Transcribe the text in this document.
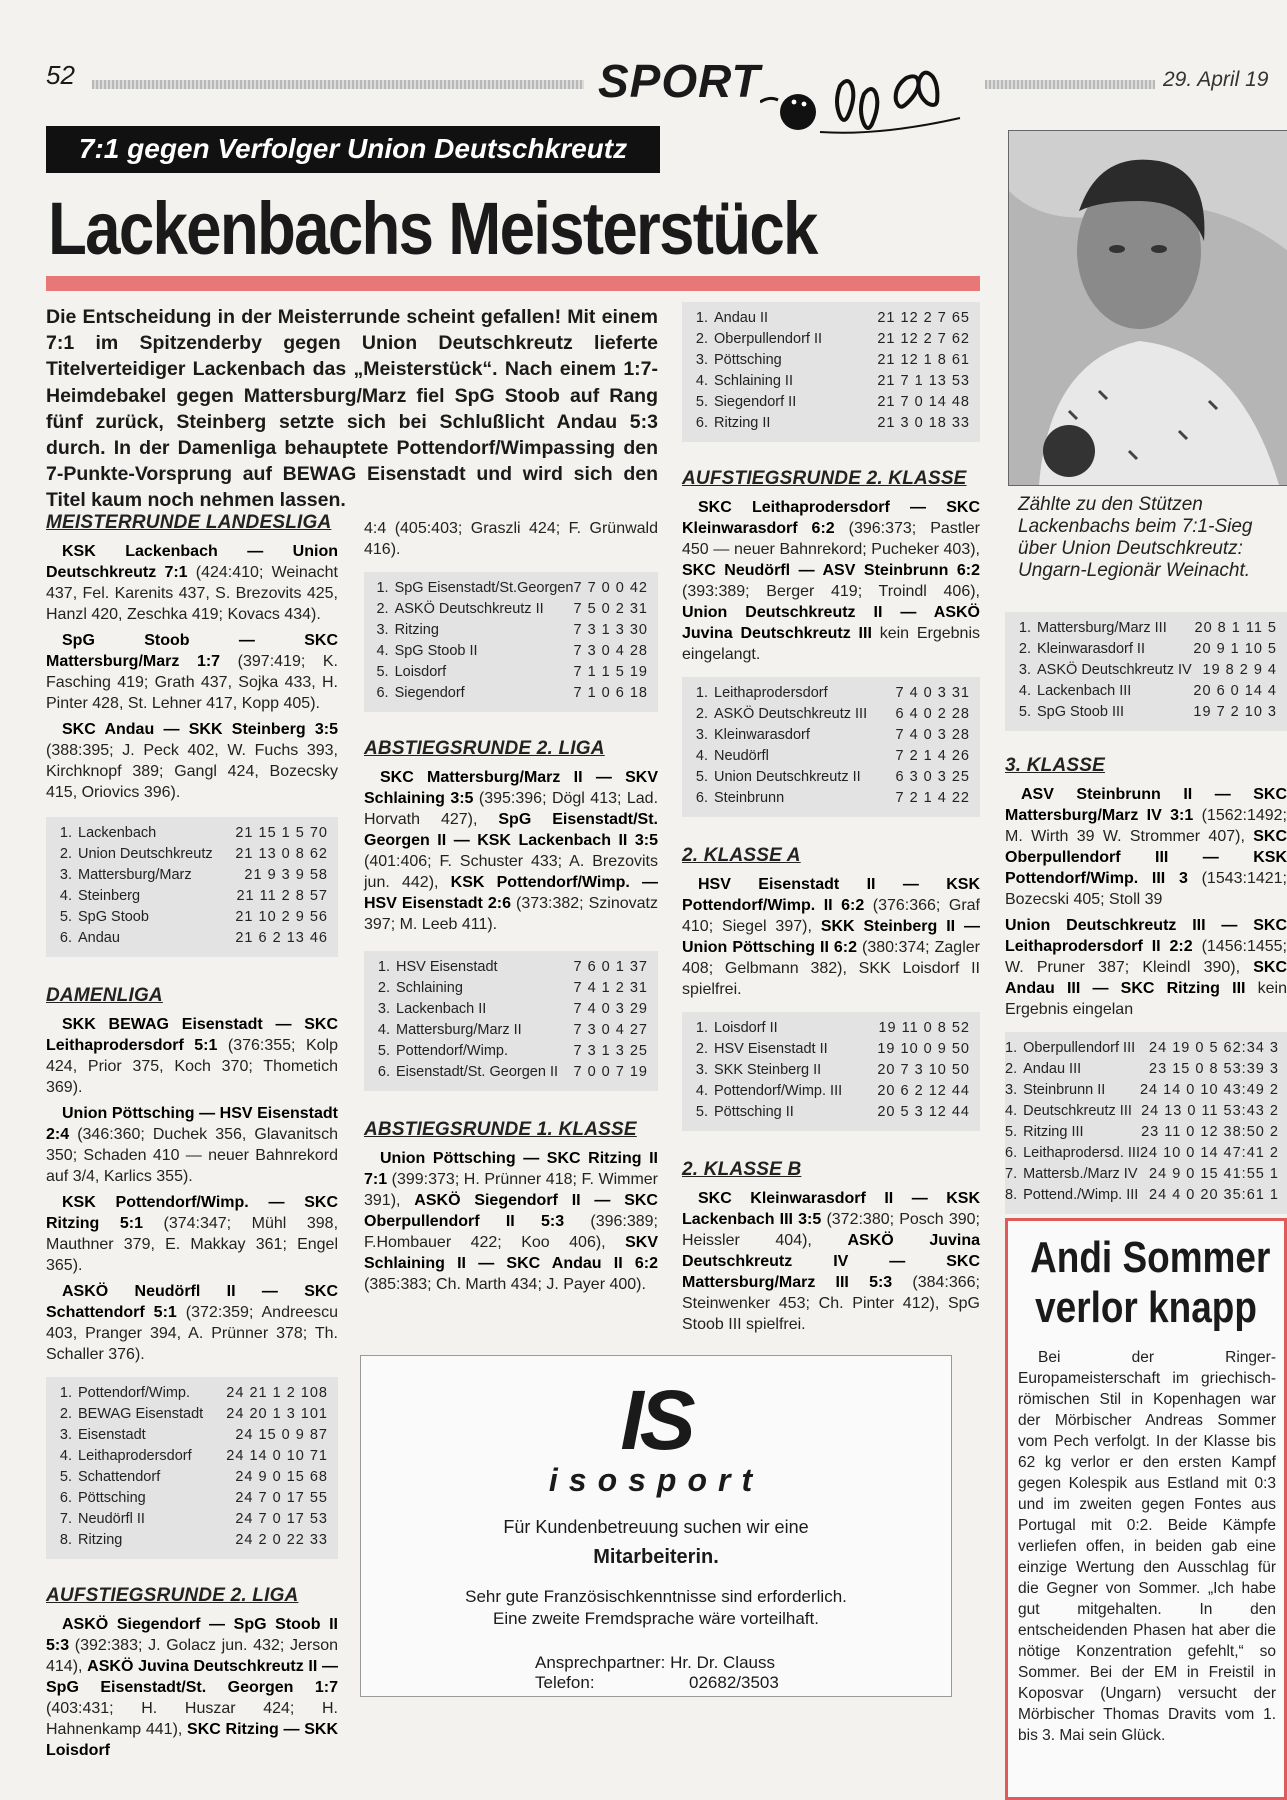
52	SPORT	29. April 19
7:1 gegen Verfolger Union Deutschkreutz
Lackenbachs Meisterstück
Die Entscheidung in der Meisterrunde scheint gefallen! Mit einem 7:1 im Spitzenderby gegen Union Deutschkreutz lieferte Titelverteidiger Lackenbach das „Meisterstück“. Nach einem 1:7-Heimdebakel gegen Mattersburg/Marz fiel SpG Stoob auf Rang fünf zurück, Steinberg setzte sich bei Schlußlicht Andau 5:3 durch. In der Damenliga behauptete Pottendorf/Wimpassing den 7-Punkte-Vorsprung auf BEWAG Eisenstadt und wird sich den Titel kaum noch nehmen lassen.
MEISTERRUNDE LANDESLIGA

KSK Lackenbach — Union Deutschkreutz 7:1 (424:410; Weinacht 437, Fel. Karenits 437, S. Brezovits 425, Hanzl 420, Zeschka 419; Kovacs 434).

SpG Stoob — SKC Mattersburg/Marz 1:7 (397:419; K. Fasching 419; Grath 437, Sojka 433, H. Pinter 428, St. Lehner 417, Kopp 405).

SKC Andau — SKK Steinberg 3:5 (388:395; J. Peck 402, W. Fuchs 393, Kirchknopf 389; Gangl 424, Bozecsky 415, Oriovics 396).

1.	Lackenbach	21 15 1 5 70
2.	Union Deutschkreutz	21 13 0 8 62
3.	Mattersburg/Marz	21 9 3 9 58
4.	Steinberg	21 11 2 8 57
5.	SpG Stoob	21 10 2 9 56
6.	Andau	21 6 2 13 46
DAMENLIGA

SKK BEWAG Eisenstadt — SKC Leithaprodersdorf 5:1 (376:355; Kolp 424, Prior 375, Koch 370; Thometich 369).

Union Pöttsching — HSV Eisenstadt 2:4 (346:360; Duchek 356, Glavanitsch 350; Schaden 410 — neuer Bahnrekord auf 3/4, Karlics 355).

KSK Pottendorf/Wimp. — SKC Ritzing 5:1 (374:347; Mühl 398, Mauthner 379, E. Makkay 361; Engel 365).

ASKÖ Neudörfl II — SKC Schattendorf 5:1 (372:359; Andreescu 403, Pranger 394, A. Prünner 378; Th. Schaller 376).

1.	Pottendorf/Wimp.	24 21 1 2 108
2.	BEWAG Eisenstadt	24 20 1 3 101
3.	Eisenstadt	24 15 0 9 87
4.	Leithaprodersdorf	24 14 0 10 71
5.	Schattendorf	24 9 0 15 68
6.	Pöttsching	24 7 0 17 55
7.	Neudörfl II	24 7 0 17 53
8.	Ritzing	24 2 0 22 33
AUFSTIEGSRUNDE 2. LIGA

ASKÖ Siegendorf — SpG Stoob II 5:3 (392:383; J. Golacz jun. 432; Jerson 414), ASKÖ Juvina Deutschkreutz II — SpG Eisenstadt/St. Georgen 1:7 (403:431; H. Huszar 424; H. Hahnenkamp 441), SKC Ritzing — SKK Loisdorf

4:4 (405:403; Graszli 424; F. Grünwald 416).

1.	SpG Eisenstadt/St.Georgen	7 7 0 0 42
2.	ASKÖ Deutschkreutz II	7 5 0 2 31
3.	Ritzing	7 3 1 3 30
4.	SpG Stoob II	7 3 0 4 28
5.	Loisdorf	7 1 1 5 19
6.	Siegendorf	7 1 0 6 18
ABSTIEGSRUNDE 2. LIGA

SKC Mattersburg/Marz II — SKV Schlaining 3:5 (395:396; Dögl 413; Lad. Horvath 427), SpG Eisenstadt/St. Georgen II — KSK Lackenbach II 3:5 (401:406; F. Schuster 433; A. Brezovits jun. 442), KSK Pottendorf/Wimp. — HSV Eisenstadt 2:6 (373:382; Szinovatz 397; M. Leeb 411).

1.	HSV Eisenstadt	7 6 0 1 37
2.	Schlaining	7 4 1 2 31
3.	Lackenbach II	7 4 0 3 29
4.	Mattersburg/Marz II	7 3 0 4 27
5.	Pottendorf/Wimp.	7 3 1 3 25
6.	Eisenstadt/St. Georgen II	7 0 0 7 19
ABSTIEGSRUNDE 1. KLASSE

Union Pöttsching — SKC Ritzing II 7:1 (399:373; H. Prünner 418; F. Wimmer 391), ASKÖ Siegendorf II — SKC Oberpullendorf II 5:3 (396:389; F.Hombauer 422; Koo 406), SKV Schlaining II — SKC Andau II 6:2 (385:383; Ch. Marth 434; J. Payer 400).

1.	Andau II	21 12 2 7 65
2.	Oberpullendorf II	21 12 2 7 62
3.	Pöttsching	21 12 1 8 61
4.	Schlaining II	21 7 1 13 53
5.	Siegendorf II	21 7 0 14 48
6.	Ritzing II	21 3 0 18 33
AUFSTIEGSRUNDE 2. KLASSE

SKC Leithaprodersdorf — SKC Kleinwarasdorf 6:2 (396:373; Pastler 450 — neuer Bahnrekord; Pucheker 403), SKC Neudörfl — ASV Steinbrunn 6:2 (393:389; Berger 419; Troindl 406), Union Deutschkreutz II — ASKÖ Juvina Deutschkreutz III kein Ergebnis eingelangt.

1.	Leithaprodersdorf	7 4 0 3 31
2.	ASKÖ Deutschkreutz III	6 4 0 2 28
3.	Kleinwarasdorf	7 4 0 3 28
4.	Neudörfl	7 2 1 4 26
5.	Union Deutschkreutz II	6 3 0 3 25
6.	Steinbrunn	7 2 1 4 22
2. KLASSE A

HSV Eisenstadt II — KSK Pottendorf/Wimp. II 6:2 (376:366; Graf 410; Siegel 397), SKK Steinberg II — Union Pöttsching II 6:2 (380:374; Zagler 408; Gelbmann 382), SKK Loisdorf II spielfrei.

1.	Loisdorf II	19 11 0 8 52
2.	HSV Eisenstadt II	19 10 0 9 50
3.	SKK Steinberg II	20 7 3 10 50
4.	Pottendorf/Wimp. III	20 6 2 12 44
5.	Pöttsching II	20 5 3 12 44
2. KLASSE B

SKC Kleinwarasdorf II — KSK Lackenbach III 3:5 (372:380; Posch 390; Heissler 404), ASKÖ Juvina Deutschkreutz IV — SKC Mattersburg/Marz III 5:3 (384:366; Steinwenker 453; Ch. Pinter 412), SpG Stoob III spielfrei.

Zählte zu den Stützen Lackenbachs beim 7:1-Sieg über Union Deutschkreutz: Ungarn-Legionär Weinacht.
1.	Mattersburg/Marz III	20 8 1 11 5
2.	Kleinwarasdorf II	20 9 1 10 5
3.	ASKÖ Deutschkreutz IV	19 8 2 9 4
4.	Lackenbach III	20 6 0 14 4
5.	SpG Stoob III	19 7 2 10 3
3. KLASSE

ASV Steinbrunn II — SKC Mattersburg/Marz IV 3:1 (1562:1492; M. Wirth 39 W. Strommer 407), SKC Oberpullendorf III — KSK Pottendorf/Wimp. III 3 (1543:1421; Bozecski 405; Stoll 39

Union Deutschkreutz III — SKC Leithaprodersdorf II 2:2 (1456:1455; W. Pruner 387; Kleindl 390), SKC Andau III — SKC Ritzing III kein Ergebnis eingelan

1.	Oberpullendorf III	24 19 0 5 62:34 3
2.	Andau III	23 15 0 8 53:39 3
3.	Steinbrunn II	24 14 0 10 43:49 2
4.	Deutschkreutz III	24 13 0 11 53:43 2
5.	Ritzing III	23 11 0 12 38:50 2
6.	Leithaprodersd. III	24 10 0 14 47:41 2
7.	Mattersb./Marz IV	24 9 0 15 41:55 1
8.	Pottend./Wimp. III	24 4 0 20 35:61 1
Andi Sommer
verlor knapp
Bei der Ringer-Europameisterschaft im griechisch-römischen Stil in Kopenhagen war der Mörbischer Andreas Sommer vom Pech verfolgt. In der Klasse bis 62 kg verlor er den ersten Kampf gegen Kolespik aus Estland mit 0:3 und im zweiten gegen Fontes aus Portugal mit 0:2. Beide Kämpfe verliefen offen, in beiden gab eine einzige Wertung den Ausschlag für die Gegner von Sommer. „Ich habe gut mitgehalten. In den entscheidenden Phasen hat aber die nötige Konzentration gefehlt,“ so Sommer. Bei der EM in Freistil in Koposvar (Ungarn) versucht der Mörbischer Thomas Dravits vom 1. bis 3. Mai sein Glück.
IS
isosport
Für Kundenbetreuung suchen wir eine
Mitarbeiterin.
Sehr gute Französischkenntnisse sind erforderlich.
Eine zweite Fremdsprache wäre vorteilhaft.
Ansprechpartner: Hr. Dr. Clauss
Telefon:	02682/3503
